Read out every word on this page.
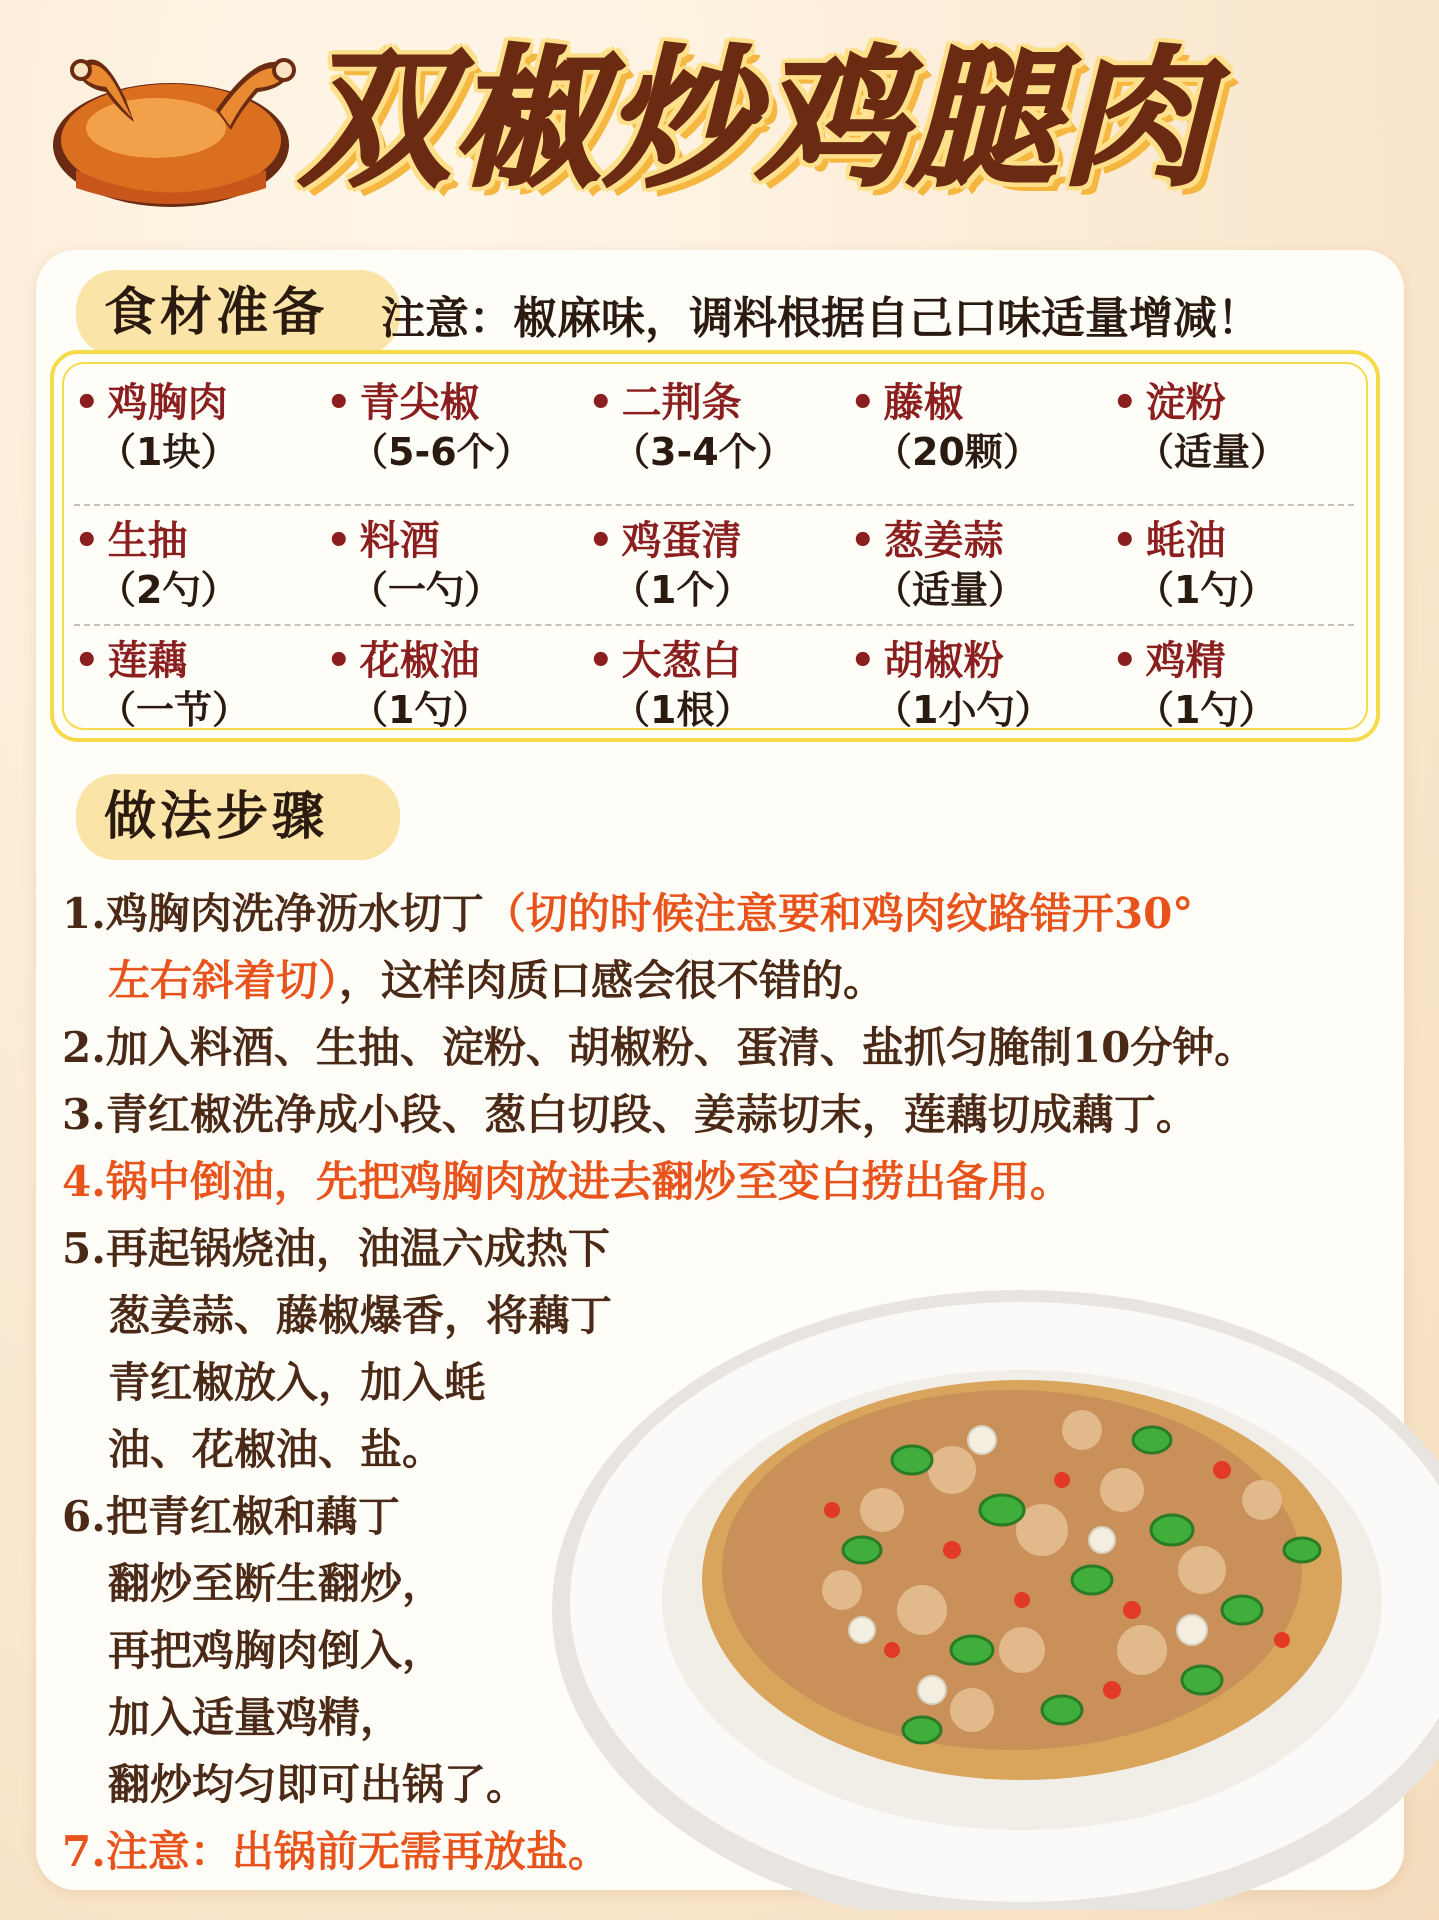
双椒炒鸡腿肉
食材准备	注意：椒麻味，调料根据自己口味适量增减！
• 鸡胸肉
（1块）
• 青尖椒
（5-6个）
• 二荆条
（3-4个）
• 藤椒
（20颗）
• 淀粉
（适量）
• 生抽
（2勺）
• 料酒
（一勺）
• 鸡蛋清
（1个）
• 葱姜蒜
（适量）
• 蚝油
（1勺）
• 莲藕
（一节）
• 花椒油
（1勺）
• 大葱白
（1根）
• 胡椒粉
（1小勺）
• 鸡精
（1勺）
做法步骤
1.鸡胸肉洗净沥水切丁（切的时候注意要和鸡肉纹路错开30°
左右斜着切），这样肉质口感会很不错的。
2.加入料酒、生抽、淀粉、胡椒粉、蛋清、盐抓匀腌制10分钟。
3.青红椒洗净成小段、葱白切段、姜蒜切末，莲藕切成藕丁。
4.锅中倒油，先把鸡胸肉放进去翻炒至变白捞出备用。
5.再起锅烧油，油温六成热下
葱姜蒜、藤椒爆香，将藕丁
青红椒放入，加入蚝
油、花椒油、盐。
6.把青红椒和藕丁
翻炒至断生翻炒，
再把鸡胸肉倒入，
加入适量鸡精，
翻炒均匀即可出锅了。
7.注意：出锅前无需再放盐。
